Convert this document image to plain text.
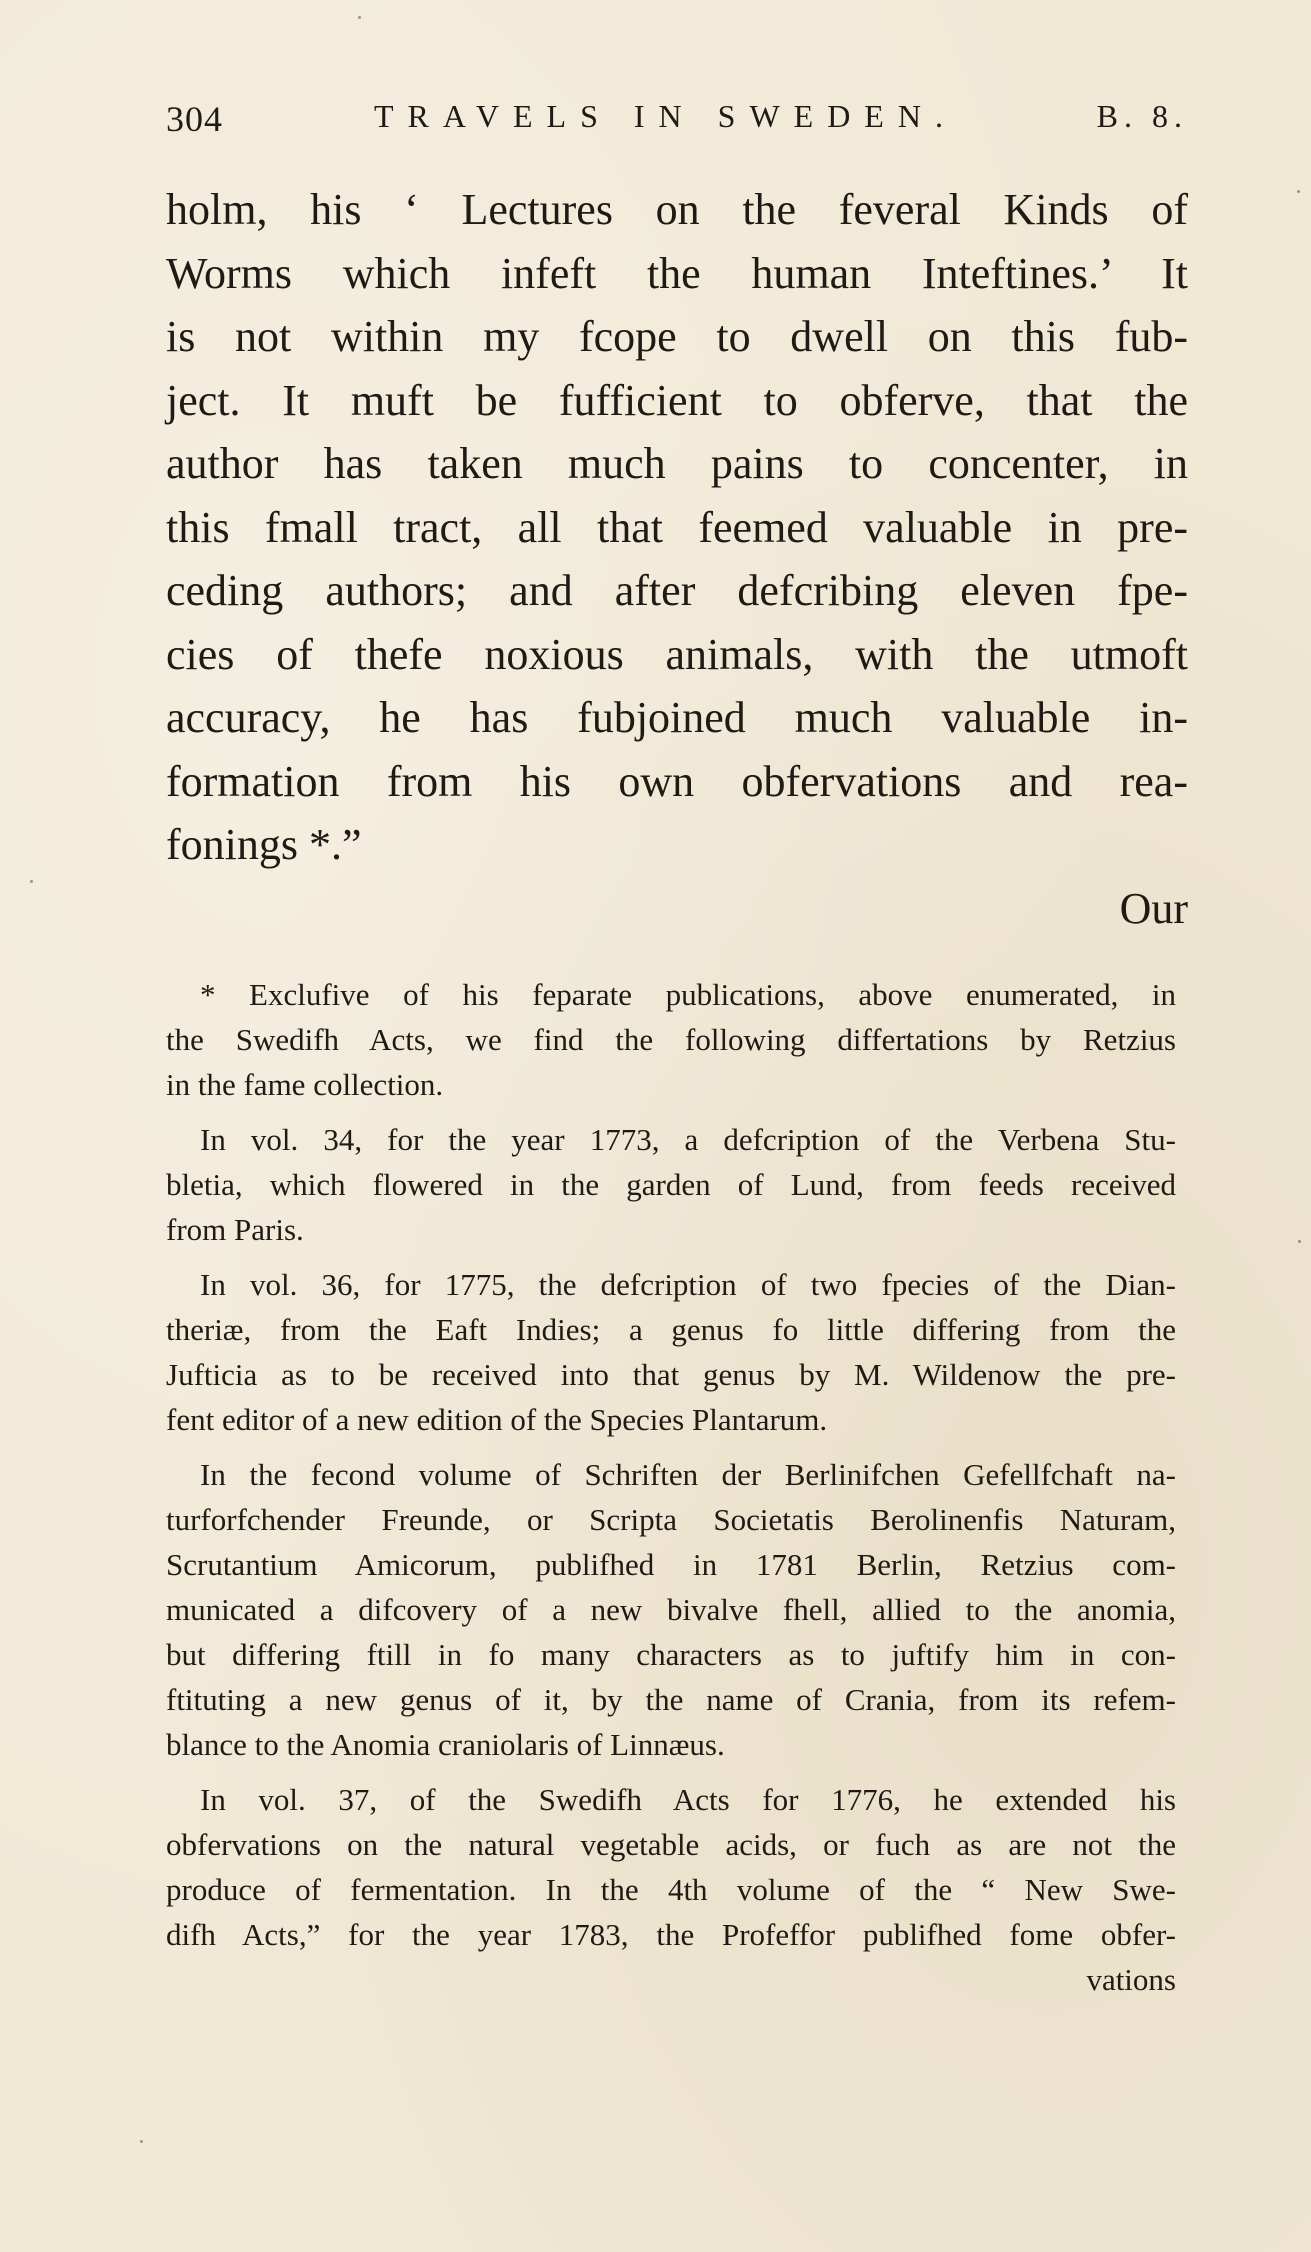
304	TRAVELS IN SWEDEN.	B. 8.
holm, his ‘ Lectures on the feveral Kinds of
Worms which infeft the human Inteftines.’ It
is not within my fcope to dwell on this fub-
ject. It muft be fufficient to obferve, that the
author has taken much pains to concenter, in
this fmall tract, all that feemed valuable in pre-
ceding authors; and after defcribing eleven fpe-
cies of thefe noxious animals, with the utmoft
accuracy, he has fubjoined much valuable in-
formation from his own obfervations and rea-
fonings *.”
Our
* Exclufive of his feparate publications, above enumerated, in
the Swedifh Acts, we find the following differtations by Retzius
in the fame collection.
In vol. 34, for the year 1773, a defcription of the Verbena Stu-
bletia, which flowered in the garden of Lund, from feeds received
from Paris.
In vol. 36, for 1775, the defcription of two fpecies of the Dian-
theriæ, from the Eaft Indies; a genus fo little differing from the
Jufticia as to be received into that genus by M. Wildenow the pre-
fent editor of a new edition of the Species Plantarum.
In the fecond volume of Schriften der Berlinifchen Gefellfchaft na-
turforfchender Freunde, or Scripta Societatis Berolinenfis Naturam,
Scrutantium Amicorum, publifhed in 1781 Berlin, Retzius com-
municated a difcovery of a new bivalve fhell, allied to the anomia,
but differing ftill in fo many characters as to juftify him in con-
ftituting a new genus of it, by the name of Crania, from its refem-
blance to the Anomia craniolaris of Linnæus.
In vol. 37, of the Swedifh Acts for 1776, he extended his
obfervations on the natural vegetable acids, or fuch as are not the
produce of fermentation. In the 4th volume of the “ New Swe-
difh Acts,” for the year 1783, the Profeffor publifhed fome obfer-
vations
